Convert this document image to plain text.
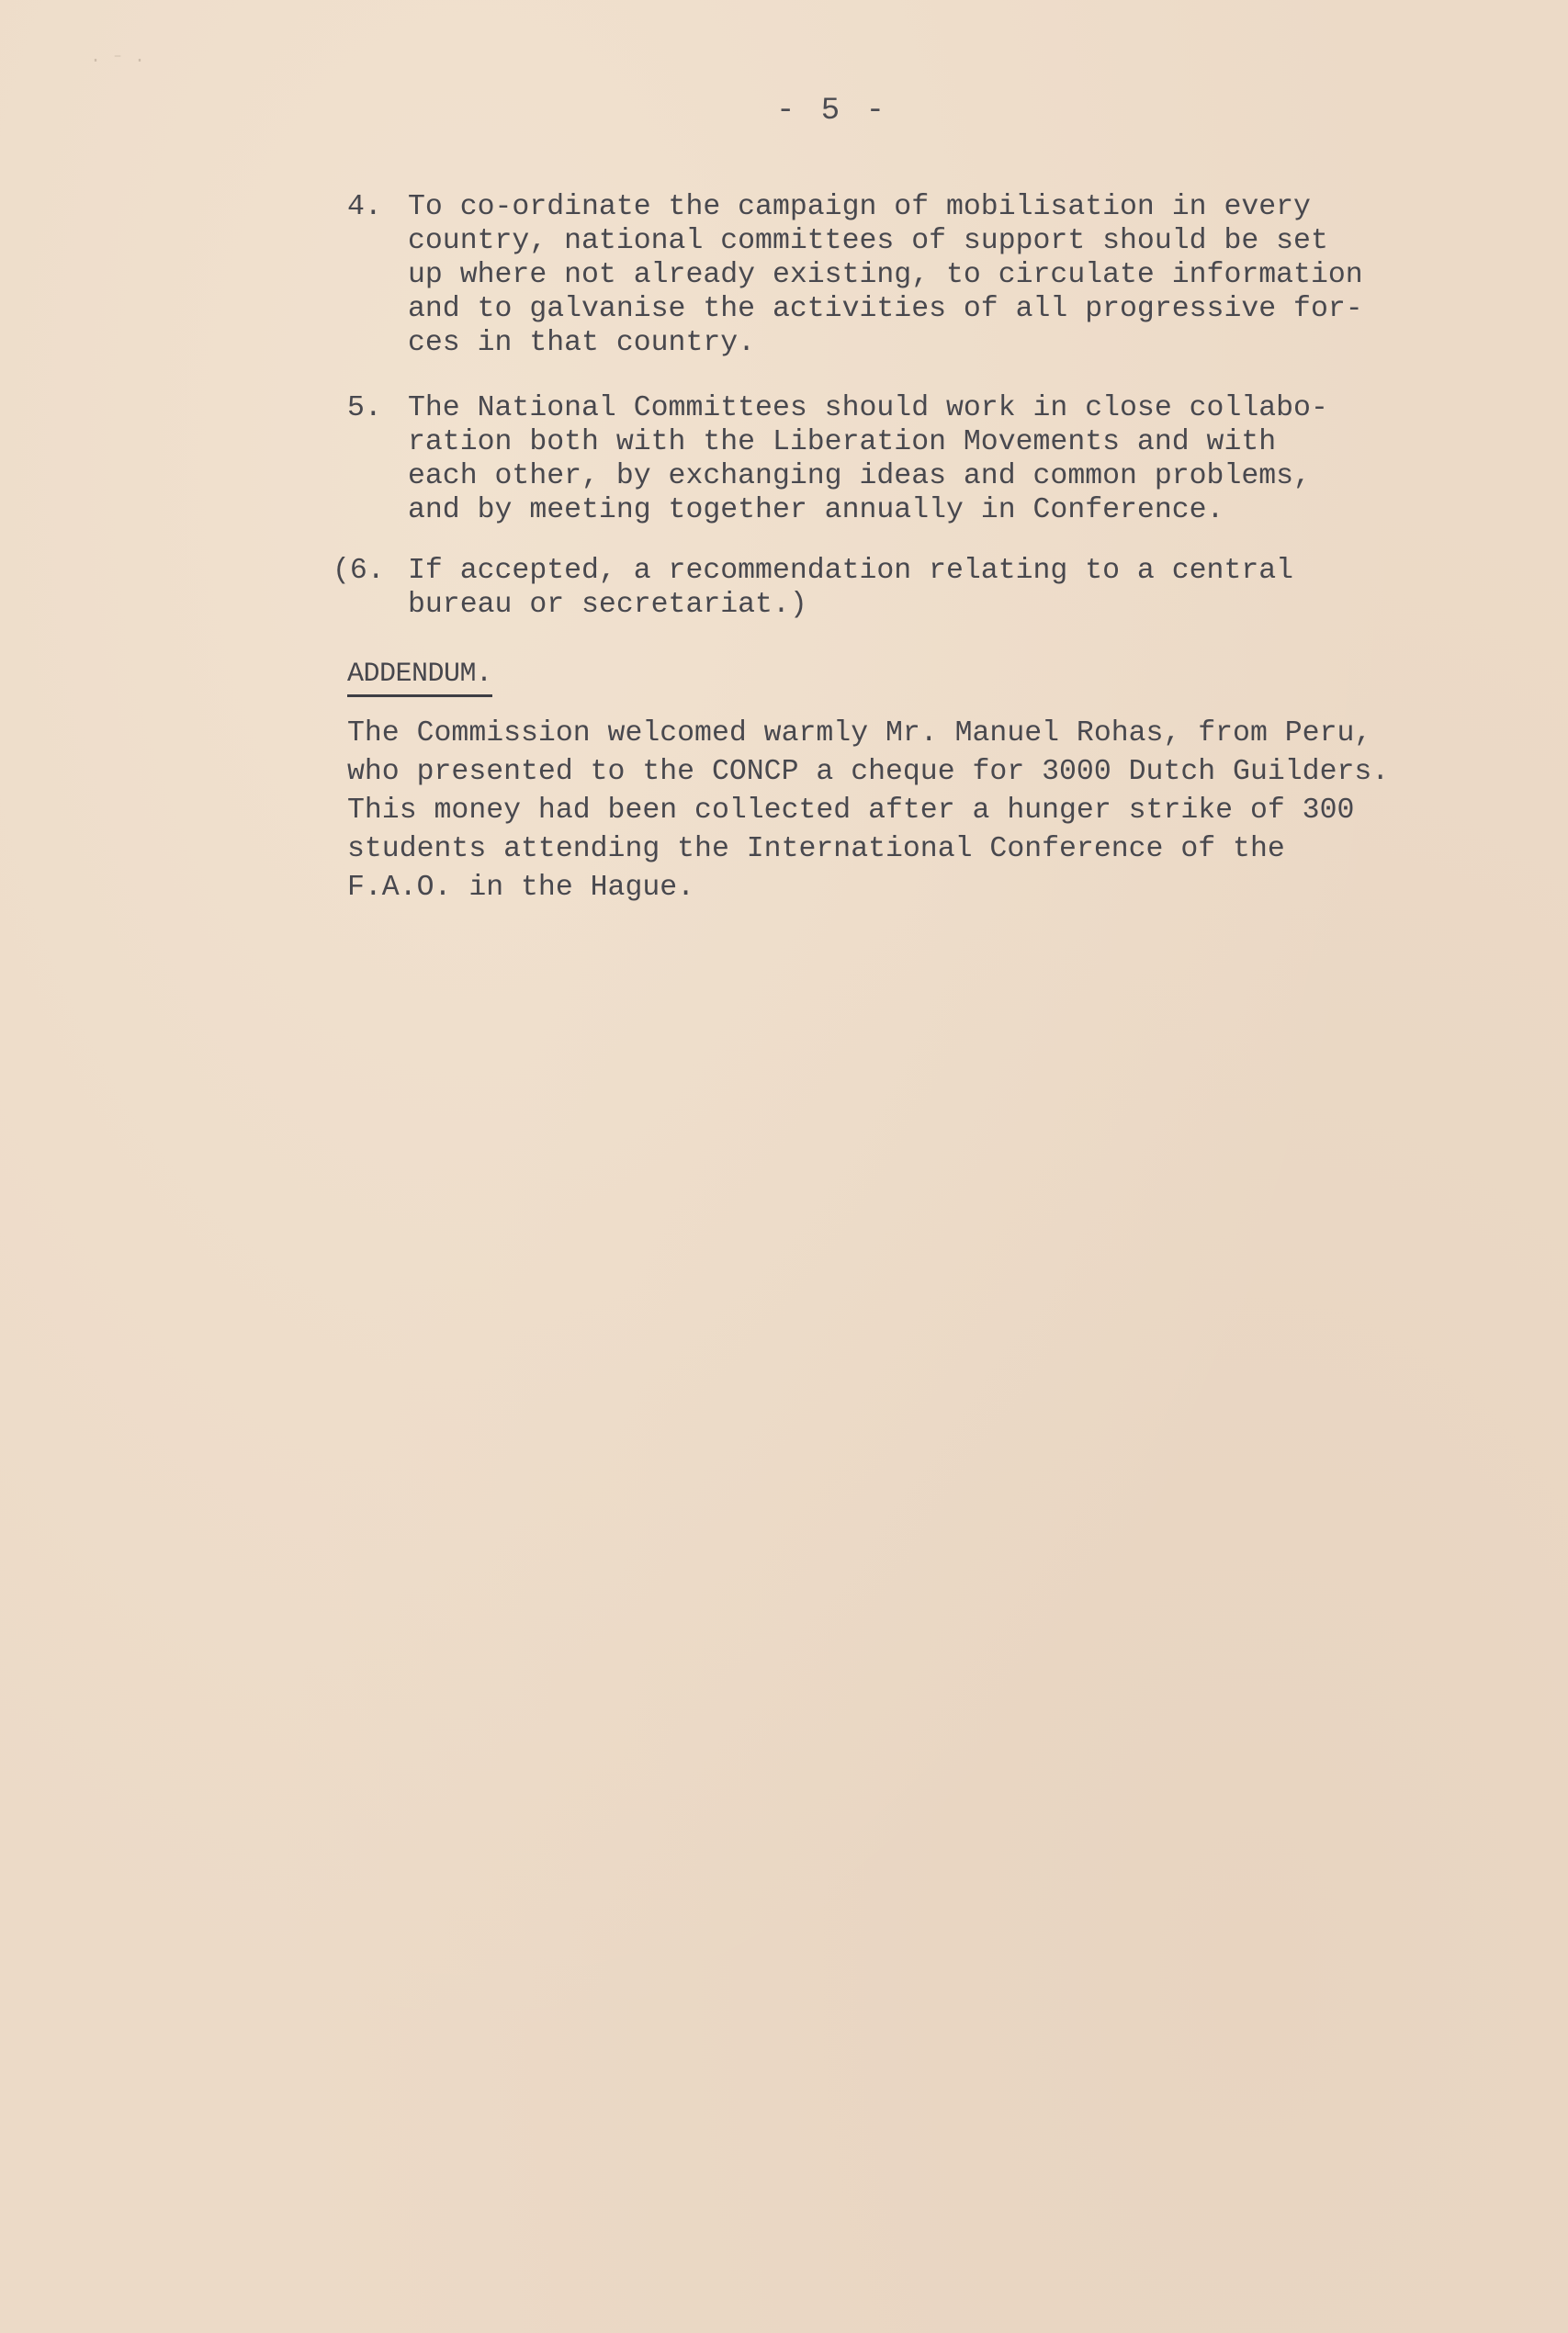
· ⁻ ·
- 5 -
4. To co-ordinate the campaign of mobilisation in every
country, national committees of support should be set
up where not already existing, to circulate information
and to galvanise the activities of all progressive for-
ces in that country.
5. The National Committees should work in close collabo-
ration both with the Liberation Movements and with
each other, by exchanging ideas and common problems,
and by meeting together annually in Conference.
(6. If accepted, a recommendation relating to a central
bureau or secretariat.)
ADDENDUM.
The Commission welcomed warmly Mr. Manuel Rohas, from Peru,
who presented to the CONCP a cheque for 3000 Dutch Guilders.
This money had been collected after a hunger strike of 300
students attending the International Conference of the
F.A.O. in the Hague.
